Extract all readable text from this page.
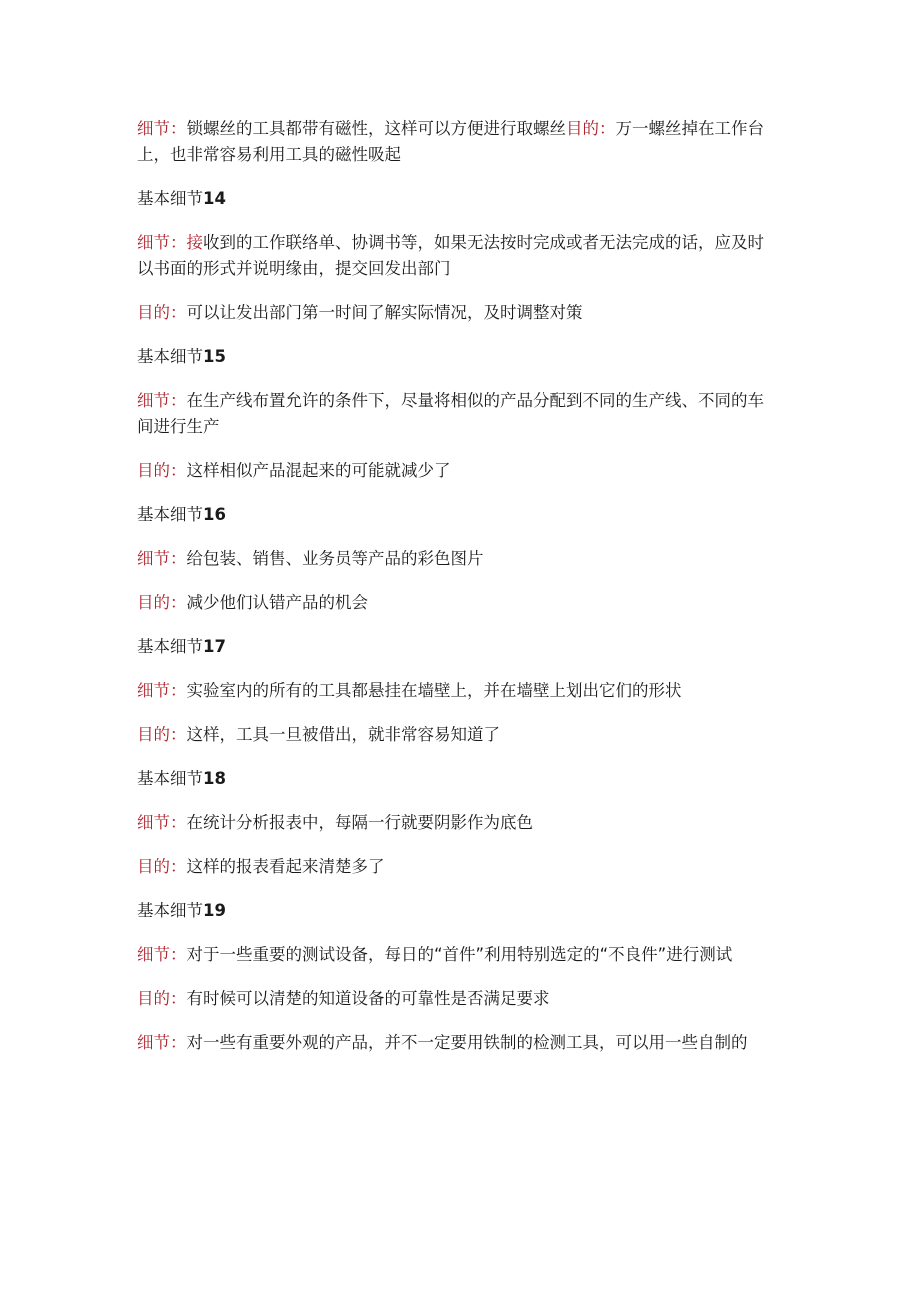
细节：锁螺丝的工具都带有磁性，这样可以方便进行取螺丝目的：万一螺丝掉在工作台上，也非常容易利用工具的磁性吸起

基本细节14

细节：接收到的工作联络单、协调书等，如果无法按时完成或者无法完成的话，应及时以书面的形式并说明缘由，提交回发出部门

目的：可以让发出部门第一时间了解实际情况，及时调整对策

基本细节15

细节：在生产线布置允许的条件下，尽量将相似的产品分配到不同的生产线、不同的车间进行生产

目的：这样相似产品混起来的可能就减少了

基本细节16

细节：给包装、销售、业务员等产品的彩色图片

目的：减少他们认错产品的机会

基本细节17

细节：实验室内的所有的工具都悬挂在墙壁上，并在墙壁上划出它们的形状

目的：这样，工具一旦被借出，就非常容易知道了

基本细节18

细节：在统计分析报表中，每隔一行就要阴影作为底色

目的：这样的报表看起来清楚多了

基本细节19

细节：对于一些重要的测试设备，每日的“首件”利用特别选定的“不良件”进行测试

目的：有时候可以清楚的知道设备的可靠性是否满足要求

细节：对一些有重要外观的产品，并不一定要用铁制的检测工具，可以用一些自制的
